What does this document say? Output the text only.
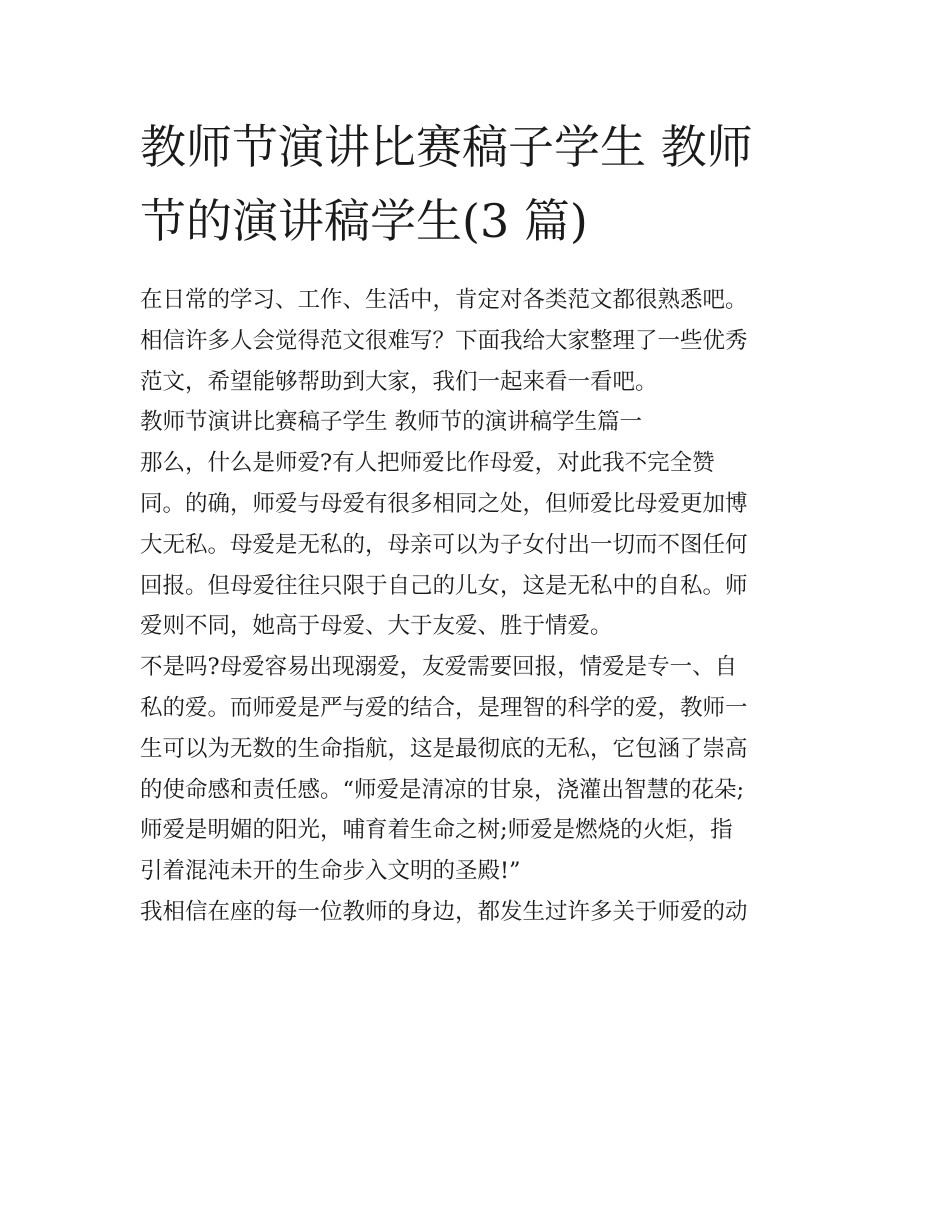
教师节演讲比赛稿子学生 教师
节的演讲稿学生(3 篇)
在日常的学习、工作、生活中，肯定对各类范文都很熟悉吧。
相信许多人会觉得范文很难写？下面我给大家整理了一些优秀
范文，希望能够帮助到大家，我们一起来看一看吧。
教师节演讲比赛稿子学生 教师节的演讲稿学生篇一
那么，什么是师爱?有人把师爱比作母爱，对此我不完全赞
同。的确，师爱与母爱有很多相同之处，但师爱比母爱更加博
大无私。母爱是无私的，母亲可以为子女付出一切而不图任何
回报。但母爱往往只限于自己的儿女，这是无私中的自私。师
爱则不同，她高于母爱、大于友爱、胜于情爱。
不是吗?母爱容易出现溺爱，友爱需要回报，情爱是专一、自
私的爱。而师爱是严与爱的结合，是理智的科学的爱，教师一
生可以为无数的生命指航，这是最彻底的无私，它包涵了崇高
的使命感和责任感。“师爱是清凉的甘泉，浇灌出智慧的花朵;
师爱是明媚的阳光，哺育着生命之树;师爱是燃烧的火炬，指
引着混沌未开的生命步入文明的圣殿!”
我相信在座的每一位教师的身边，都发生过许多关于师爱的动
